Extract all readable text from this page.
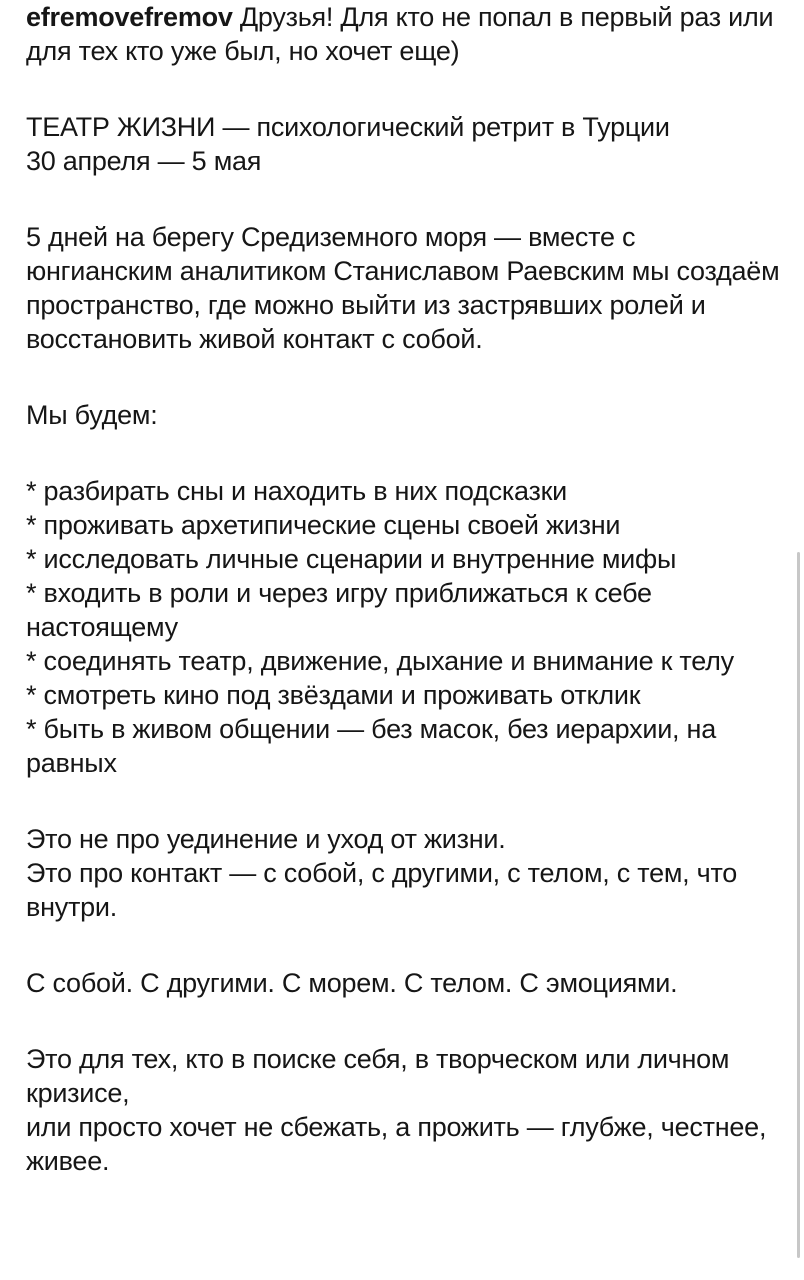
efremovefremov Друзья! Для кто не попал в первый раз или для тех кто уже был, но хочет еще)

ТЕАТР ЖИЗНИ — психологический ретрит в Турции

30 апреля — 5 мая

5 дней на берегу Средиземного моря — вместе с юнгианским аналитиком Станиславом Раевским мы создаём пространство, где можно выйти из застрявших ролей и восстановить живой контакт с собой.

Мы будем:

* разбирать сны и находить в них подсказки

* проживать архетипические сцены своей жизни

* исследовать личные сценарии и внутренние мифы

* входить в роли и через игру приближаться к себе настоящему

* соединять театр, движение, дыхание и внимание к телу

* смотреть кино под звёздами и проживать отклик

* быть в живом общении — без масок, без иерархии, на равных

Это не про уединение и уход от жизни.

Это про контакт — с собой, с другими, с телом, с тем, что внутри.

С собой. С другими. С морем. С телом. С эмоциями.

Это для тех, кто в поиске себя, в творческом или личном кризисе,

или просто хочет не сбежать, а прожить — глубже, честнее, живее.
